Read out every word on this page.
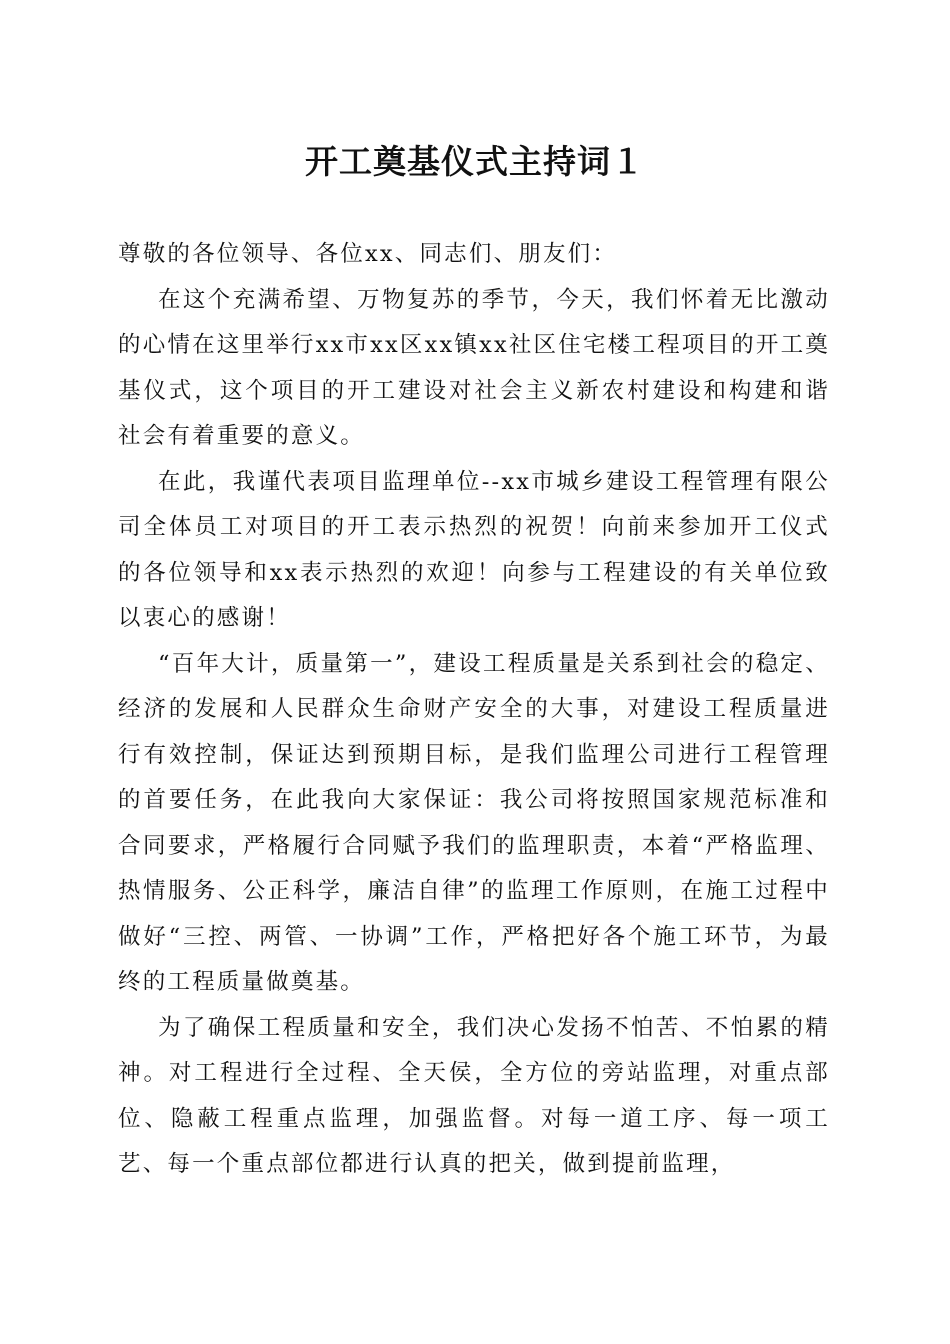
开工奠基仪式主持词１

尊敬的各位领导、各位xx、同志们、朋友们：

在这个充满希望、万物复苏的季节，今天，我们怀着无比激动的心情在这里举行xx市xx区xx镇xx社区住宅楼工程项目的开工奠基仪式，这个项目的开工建设对社会主义新农村建设和构建和谐社会有着重要的意义。

在此，我谨代表项目监理单位--xx市城乡建设工程管理有限公司全体员工对项目的开工表示热烈的祝贺！向前来参加开工仪式的各位领导和xx表示热烈的欢迎！向参与工程建设的有关单位致以衷心的感谢！

“百年大计，质量第一”，建设工程质量是关系到社会的稳定、经济的发展和人民群众生命财产安全的大事，对建设工程质量进行有效控制，保证达到预期目标，是我们监理公司进行工程管理的首要任务，在此我向大家保证：我公司将按照国家规范标准和合同要求，严格履行合同赋予我们的监理职责，本着“严格监理、热情服务、公正科学，廉洁自律”的监理工作原则，在施工过程中做好“三控、两管、一协调”工作，严格把好各个施工环节，为最终的工程质量做奠基。

为了确保工程质量和安全，我们决心发扬不怕苦、不怕累的精神。对工程进行全过程、全天侯，全方位的旁站监理，对重点部位、隐蔽工程重点监理，加强监督。对每一道工序、每一项工艺、每一个重点部位都进行认真的把关，做到提前监理，
